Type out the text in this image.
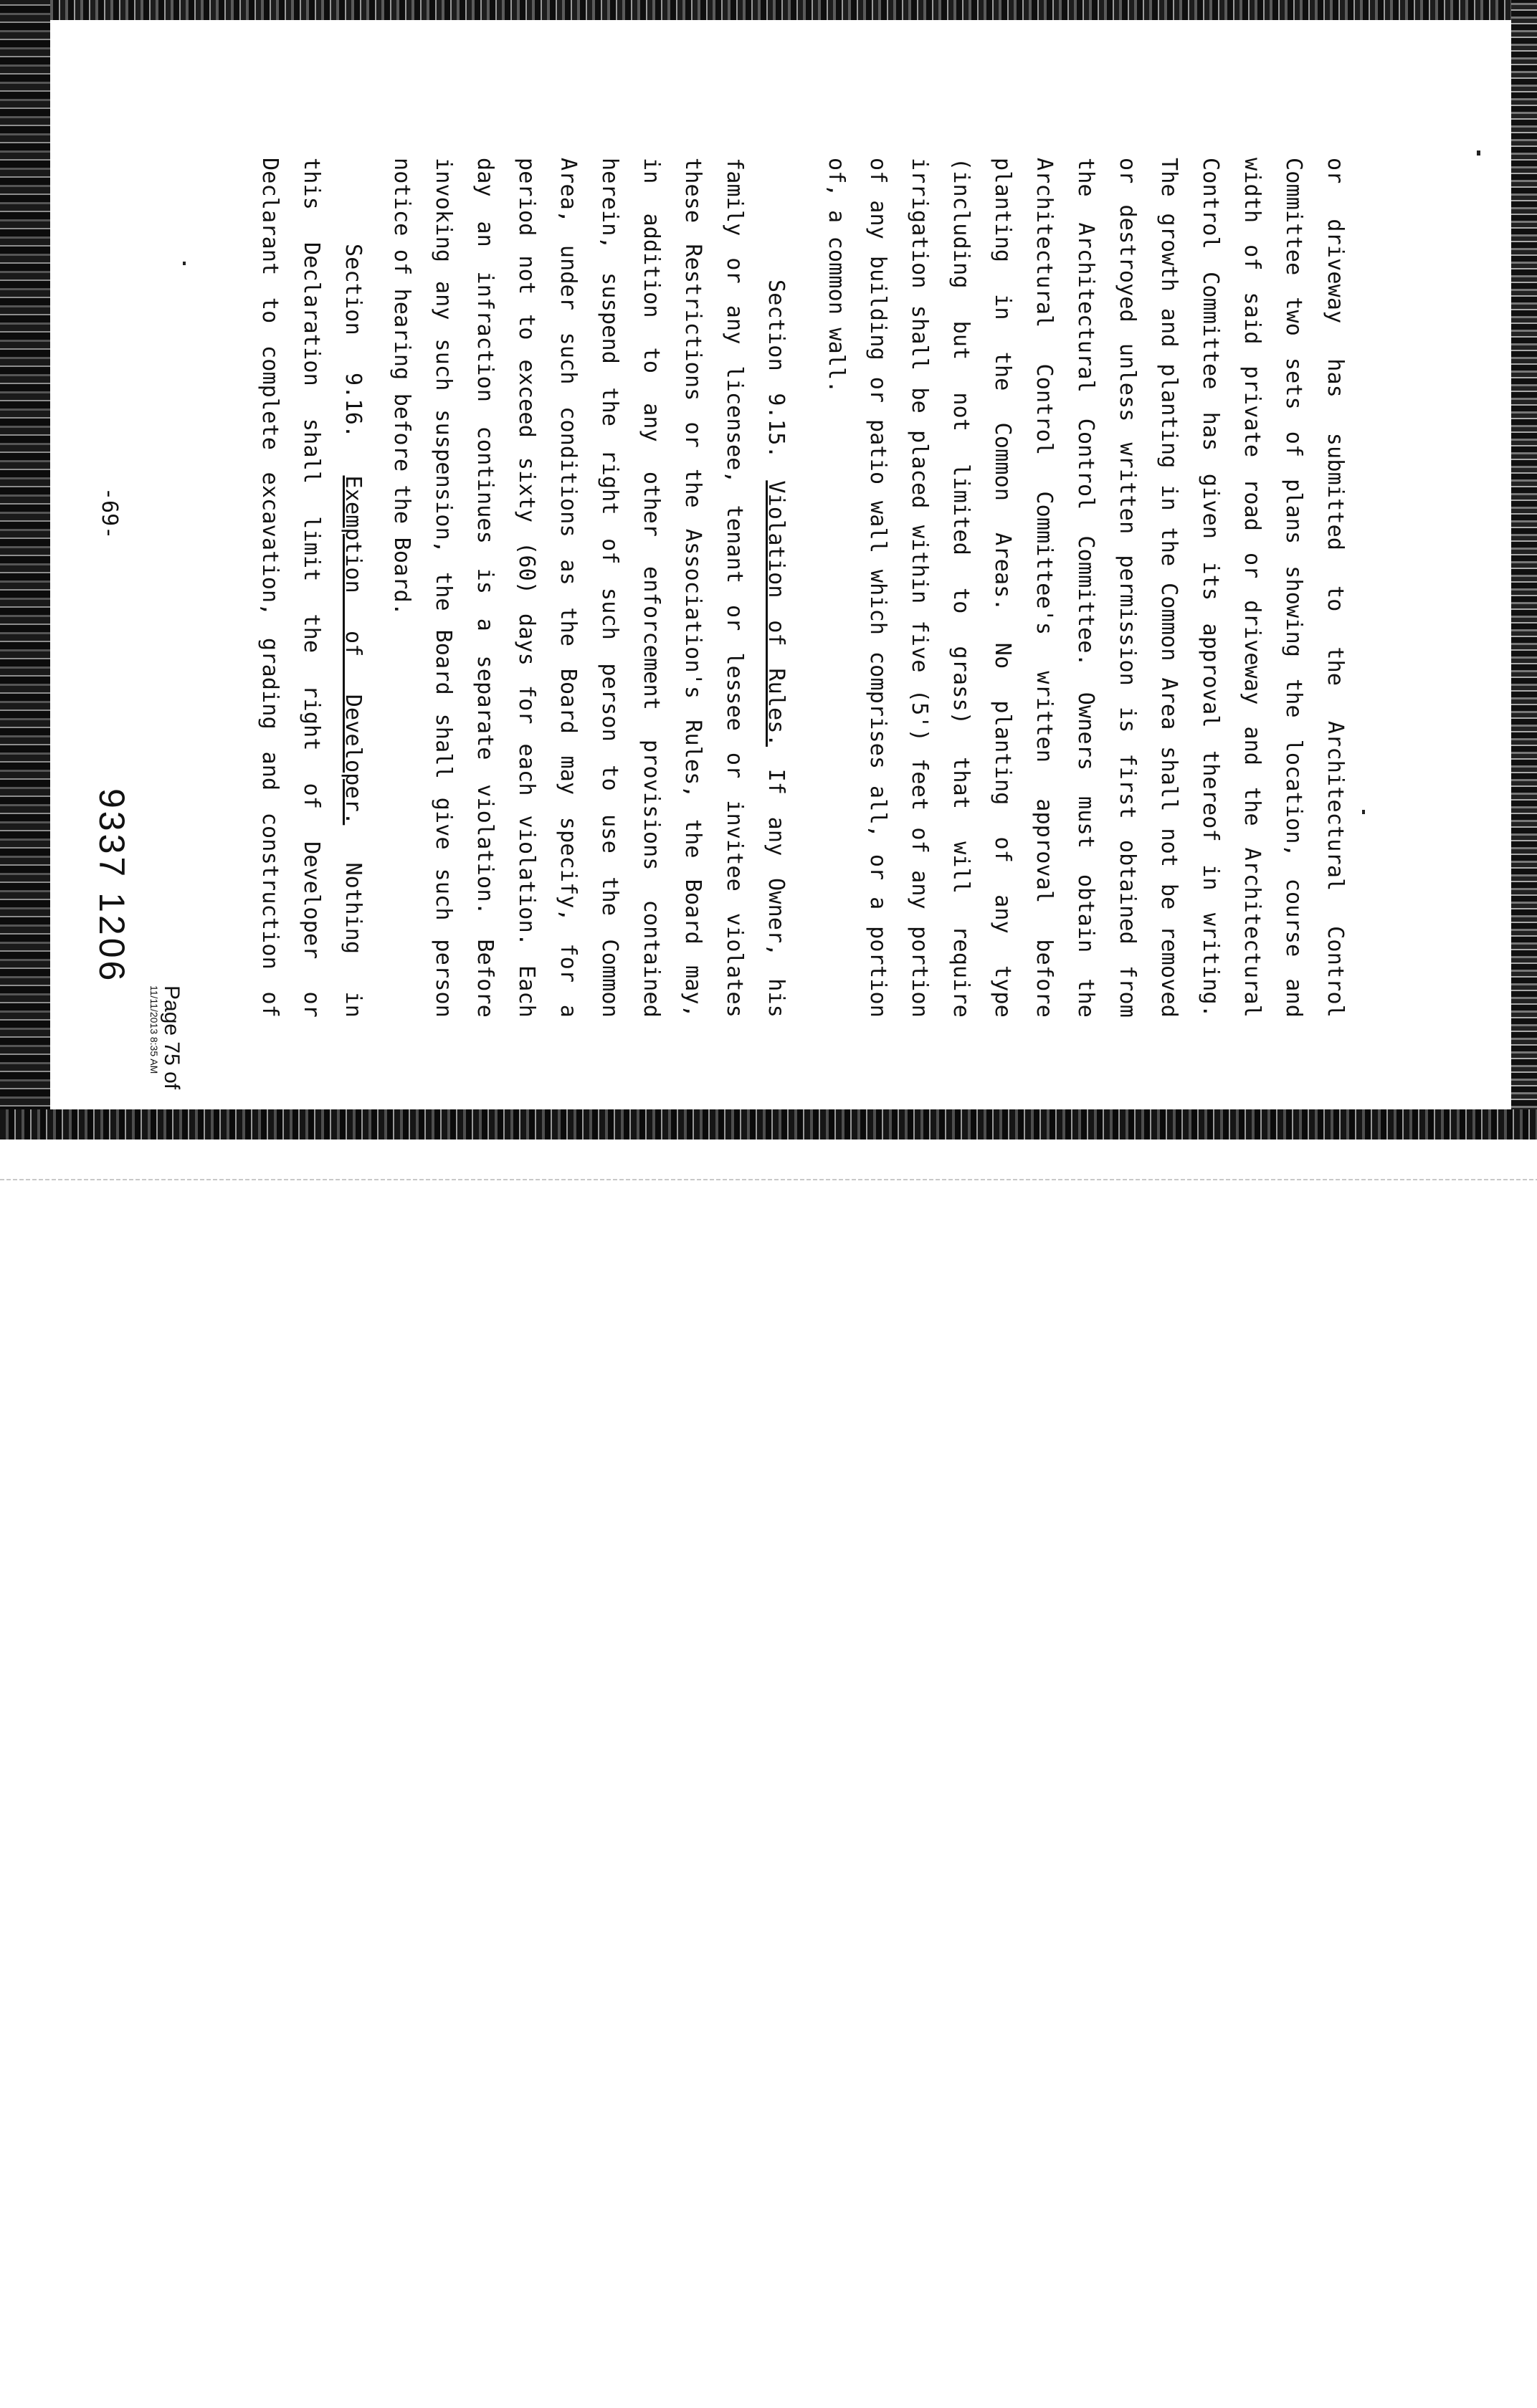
or driveway has submitted to the Architectural Control
Committee two sets of plans showing the location, course and
width of said private road or driveway and the Architectural
Control Committee has given its approval thereof in writing.
The growth and planting in the Common Area shall not be removed
or destroyed unless written permission is first obtained from
the Architectural Control Committee. Owners must obtain the
Architectural Control Committee's written approval before
planting in the Common Areas. No planting of any type
(including but not limited to grass) that will require
irrigation shall be placed within five (5') feet of any portion
of any building or patio wall which comprises all, or a portion
of, a common wall.
Section 9.15. Violation of Rules. If any Owner, his
family or any licensee, tenant or lessee or invitee violates
these Restrictions or the Association's Rules, the Board may,
in addition to any other enforcement provisions contained
herein, suspend the right of such person to use the Common
Area, under such conditions as the Board may specify, for a
period not to exceed sixty (60) days for each violation. Each
day an infraction continues is a separate violation. Before
invoking any such suspension, the Board shall give such person
notice of hearing before the Board.
Section 9.16. Exemption of Developer. Nothing in
this Declaration shall limit the right of Developer or
Declarant to complete excavation, grading and construction of
-69-
9337 1206
Page 75 of
11/11/2013 8:35 AM
